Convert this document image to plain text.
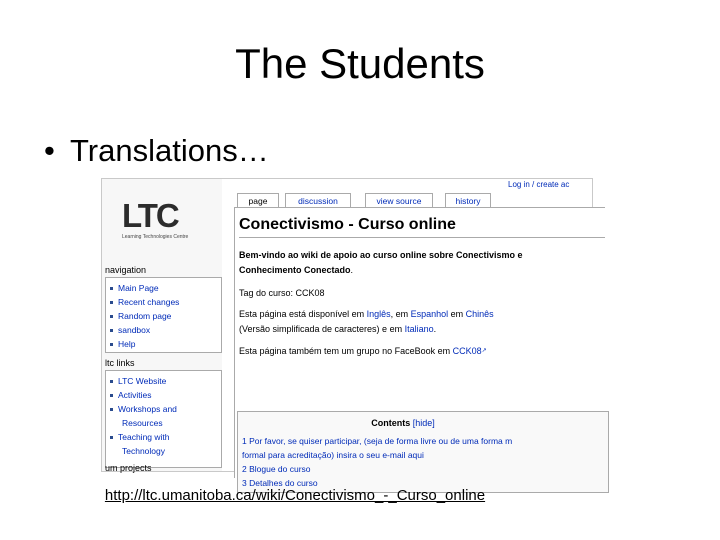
The Students
• Translations…
LTC
Learning Technologies Centre
navigation
Main Page
Recent changes
Random page
sandbox
Help
ltc links
LTC Website
Activities
Workshops and
Resources
Teaching with
Technology
um projects
Log in / create ac
page	discussion	view source	history
Conectivismo - Curso online
Bem-vindo ao wiki de apoio ao curso online sobre Conectivismo e
Conhecimento Conectado.
Tag do curso: CCK08
Esta página está disponível em Inglês, em Espanhol em Chinês
(Versão simplificada de caracteres) e em Italiano.
Esta página também tem um grupo no FaceBook em CCK08↗
Contents [hide]
1 Por favor, se quiser participar, (seja de forma livre ou de uma forma m
formal para acreditação) insira o seu e-mail aqui
2 Blogue do curso
3 Detalhes do curso
http://ltc.umanitoba.ca/wiki/Conectivismo_-_Curso_online
